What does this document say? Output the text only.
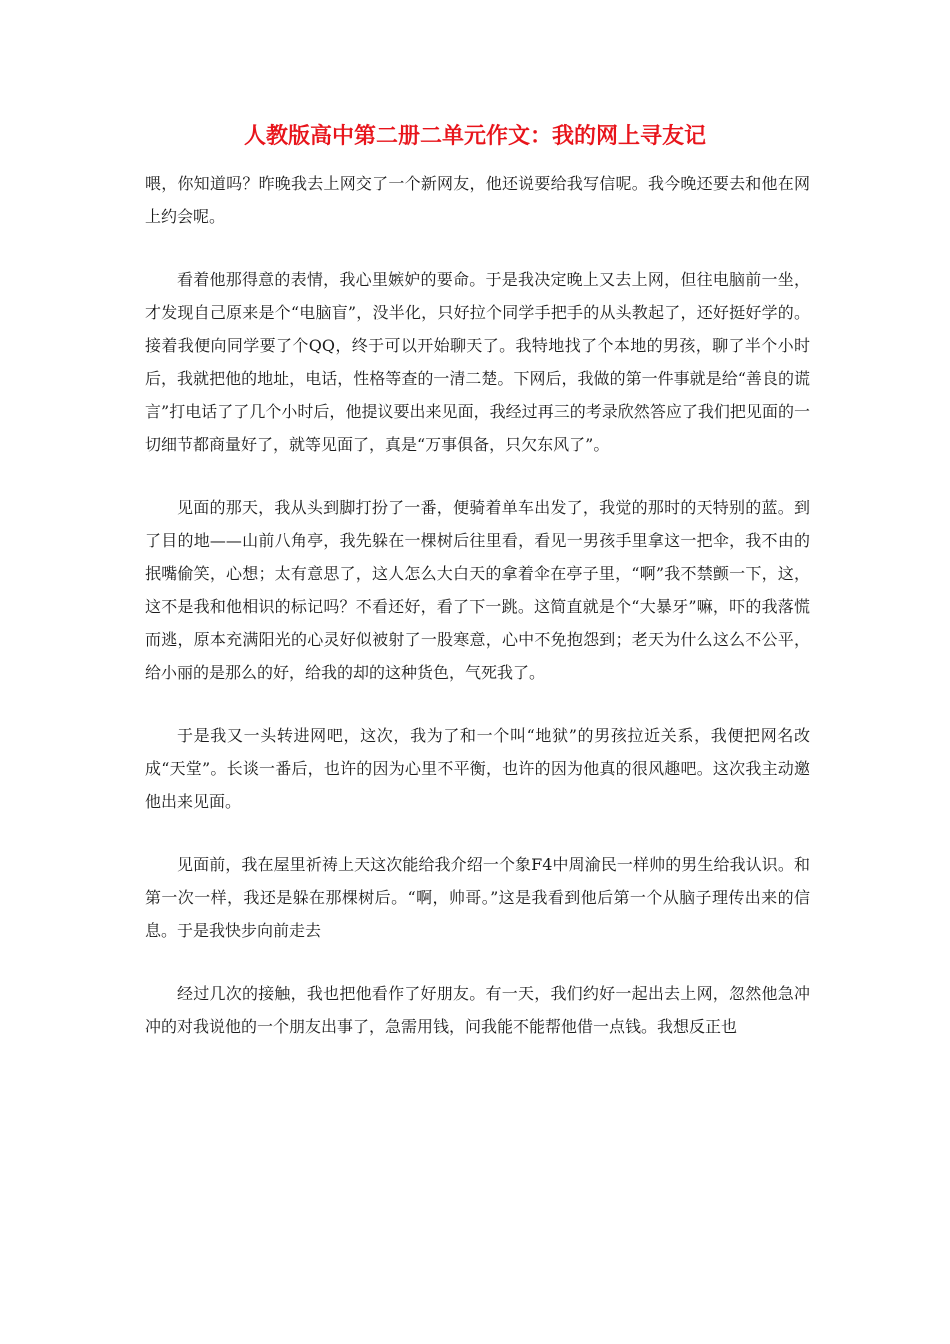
人教版高中第二册二单元作文：我的网上寻友记

喂，你知道吗？昨晚我去上网交了一个新网友，他还说要给我写信呢。我今晚还要去和他在网上约会呢。

看着他那得意的表情，我心里嫉妒的要命。于是我决定晚上又去上网，但往电脑前一坐，才发现自己原来是个“电脑盲”，没半化，只好拉个同学手把手的从头教起了，还好挺好学的。接着我便向同学要了个QQ，终于可以开始聊天了。我特地找了个本地的男孩，聊了半个小时后，我就把他的地址，电话，性格等查的一清二楚。下网后，我做的第一件事就是给“善良的谎言”打电话了了几个小时后，他提议要出来见面，我经过再三的考录欣然答应了我们把见面的一切细节都商量好了，就等见面了，真是“万事俱备，只欠东风了”。

见面的那天，我从头到脚打扮了一番，便骑着单车出发了，我觉的那时的天特别的蓝。到了目的地——山前八角亭，我先躲在一棵树后往里看，看见一男孩手里拿这一把伞，我不由的抿嘴偷笑，心想；太有意思了，这人怎么大白天的拿着伞在亭子里，“啊”我不禁颤一下，这，这不是我和他相识的标记吗？不看还好，看了下一跳。这简直就是个“大暴牙”嘛，吓的我落慌而逃，原本充满阳光的心灵好似被射了一股寒意，心中不免抱怨到；老天为什么这么不公平，给小丽的是那么的好，给我的却的这种货色，气死我了。

于是我又一头转进网吧，这次，我为了和一个叫“地狱”的男孩拉近关系，我便把网名改成“天堂”。长谈一番后，也许的因为心里不平衡，也许的因为他真的很风趣吧。这次我主动邀他出来见面。

见面前，我在屋里祈祷上天这次能给我介绍一个象F4中周渝民一样帅的男生给我认识。和第一次一样，我还是躲在那棵树后。“啊，帅哥。”这是我看到他后第一个从脑子理传出来的信息。于是我快步向前走去

经过几次的接触，我也把他看作了好朋友。有一天，我们约好一起出去上网，忽然他急冲冲的对我说他的一个朋友出事了，急需用钱，问我能不能帮他借一点钱。我想反正也
